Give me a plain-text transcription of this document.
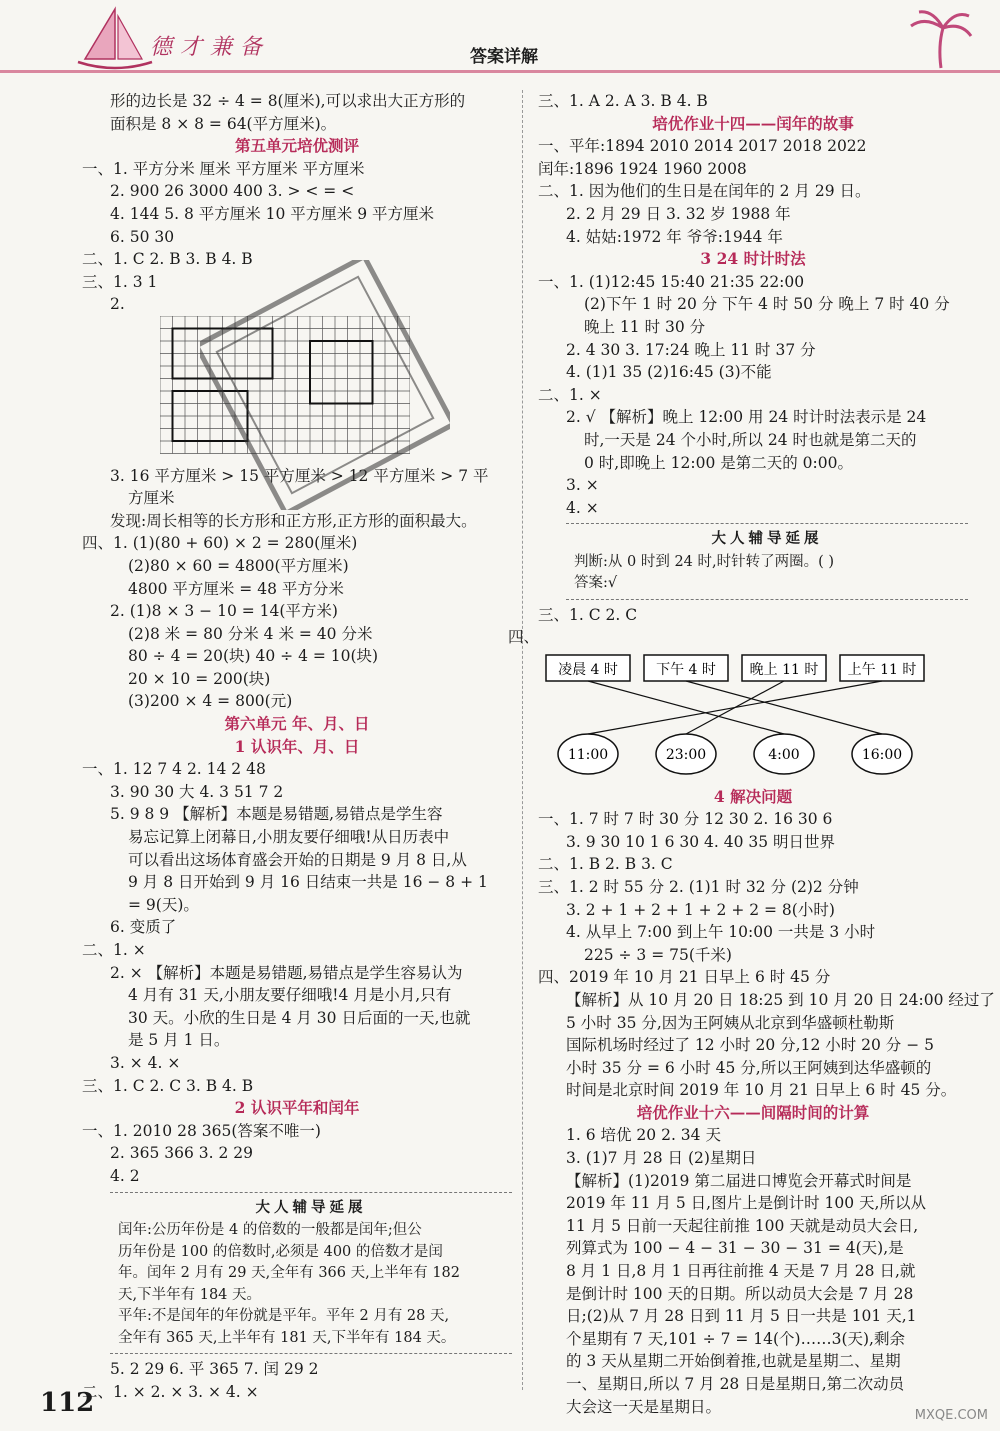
德才兼备	答案详解
形的边长是 32 ÷ 4 = 8(厘米),可以求出大正方形的
面积是 8 × 8 = 64(平方厘米)。
第五单元培优测评
一、1. 平方分米 厘米 平方厘米 平方厘米
2. 900 26 3000 400 3. > < = <
4. 144 5. 8 平方厘米 10 平方厘米 9 平方厘米
6. 50 30
二、1. C 2. B 3. B 4. B
三、1. 3 1
2.
3. 16 平方厘米 > 15 平方厘米 > 12 平方厘米 > 7 平
方厘米
发现:周长相等的长方形和正方形,正方形的面积最大。
四、1. (1)(80 + 60) × 2 = 280(厘米)
(2)80 × 60 = 4800(平方厘米)
4800 平方厘米 = 48 平方分米
2. (1)8 × 3 − 10 = 14(平方米)
(2)8 米 = 80 分米 4 米 = 40 分米
80 ÷ 4 = 20(块) 40 ÷ 4 = 10(块)
20 × 10 = 200(块)
(3)200 × 4 = 800(元)
第六单元 年、月、日
1 认识年、月、日
一、1. 12 7 4 2. 14 2 48
3. 90 30 大 4. 3 51 7 2
5. 9 8 9 【解析】本题是易错题,易错点是学生容
易忘记算上闭幕日,小朋友要仔细哦!从日历表中
可以看出这场体育盛会开始的日期是 9 月 8 日,从
9 月 8 日开始到 9 月 16 日结束一共是 16 − 8 + 1
= 9(天)。
6. 变质了
二、1. ×
2. × 【解析】本题是易错题,易错点是学生容易认为
4 月有 31 天,小朋友要仔细哦!4 月是小月,只有
30 天。小欣的生日是 4 月 30 日后面的一天,也就
是 5 月 1 日。
3. × 4. ×
三、1. C 2. C 3. B 4. B
2 认识平年和闰年
一、1. 2010 28 365(答案不唯一)
2. 365 366 3. 2 29
4. 2
大人辅导延展
闰年:公历年份是 4 的倍数的一般都是闰年;但公
历年份是 100 的倍数时,必须是 400 的倍数才是闰
年。闰年 2 月有 29 天,全年有 366 天,上半年有 182
天,下半年有 184 天。
平年:不是闰年的年份就是平年。平年 2 月有 28 天,
全年有 365 天,上半年有 181 天,下半年有 184 天。
5. 2 29 6. 平 365 7. 闰 29 2
二、1. × 2. × 3. × 4. ×
三、1. A 2. A 3. B 4. B
培优作业十四——闰年的故事
一、平年:1894 2010 2014 2017 2018 2022
闰年:1896 1924 1960 2008
二、1. 因为他们的生日是在闰年的 2 月 29 日。
2. 2 月 29 日 3. 32 岁 1988 年
4. 姑姑:1972 年 爷爷:1944 年
3 24 时计时法
一、1. (1)12:45 15:40 21:35 22:00
(2)下午 1 时 20 分 下午 4 时 50 分 晚上 7 时 40 分
晚上 11 时 30 分
2. 4 30 3. 17:24 晚上 11 时 37 分
4. (1)1 35 (2)16:45 (3)不能
二、1. ×
2. √ 【解析】晚上 12:00 用 24 时计时法表示是 24
时,一天是 24 个小时,所以 24 时也就是第二天的
0 时,即晚上 12:00 是第二天的 0:00。
3. ×
4. ×
大人辅导延展
判断:从 0 时到 24 时,时针转了两圈。( )
答案:√
三、1. C 2. C
四、
凌晨 4 时	下午 4 时 晚上 11 时 上午 11 时
11:00	23:00	4:00	16:00
4 解决问题
一、1. 7 时 7 时 30 分 12 30 2. 16 30 6
3. 9 30 10 1 6 30 4. 40 35 明日世界
二、1. B 2. B 3. C
三、1. 2 时 55 分 2. (1)1 时 32 分 (2)2 分钟
3. 2 + 1 + 2 + 1 + 2 + 2 = 8(小时)
4. 从早上 7:00 到上午 10:00 一共是 3 小时
225 ÷ 3 = 75(千米)
四、2019 年 10 月 21 日早上 6 时 45 分
【解析】从 10 月 20 日 18:25 到 10 月 20 日 24:00 经过了
5 小时 35 分,因为王阿姨从北京到华盛顿杜勒斯
国际机场时经过了 12 小时 20 分,12 小时 20 分 − 5
小时 35 分 = 6 小时 45 分,所以王阿姨到达华盛顿的
时间是北京时间 2019 年 10 月 21 日早上 6 时 45 分。
培优作业十六——间隔时间的计算
1. 6 培优 20 2. 34 天
3. (1)7 月 28 日 (2)星期日
【解析】(1)2019 第二届进口博览会开幕式时间是
2019 年 11 月 5 日,图片上是倒计时 100 天,所以从
11 月 5 日前一天起往前推 100 天就是动员大会日,
列算式为 100 − 4 − 31 − 30 − 31 = 4(天),是
8 月 1 日,8 月 1 日再往前推 4 天是 7 月 28 日,就
是倒计时 100 天的日期。所以动员大会是 7 月 28
日;(2)从 7 月 28 日到 11 月 5 日一共是 101 天,1
个星期有 7 天,101 ÷ 7 = 14(个)……3(天),剩余
的 3 天从星期二开始倒着推,也就是星期二、星期
一、星期日,所以 7 月 28 日是星期日,第二次动员
大会这一天是星期日。
112	MXQE.COM
